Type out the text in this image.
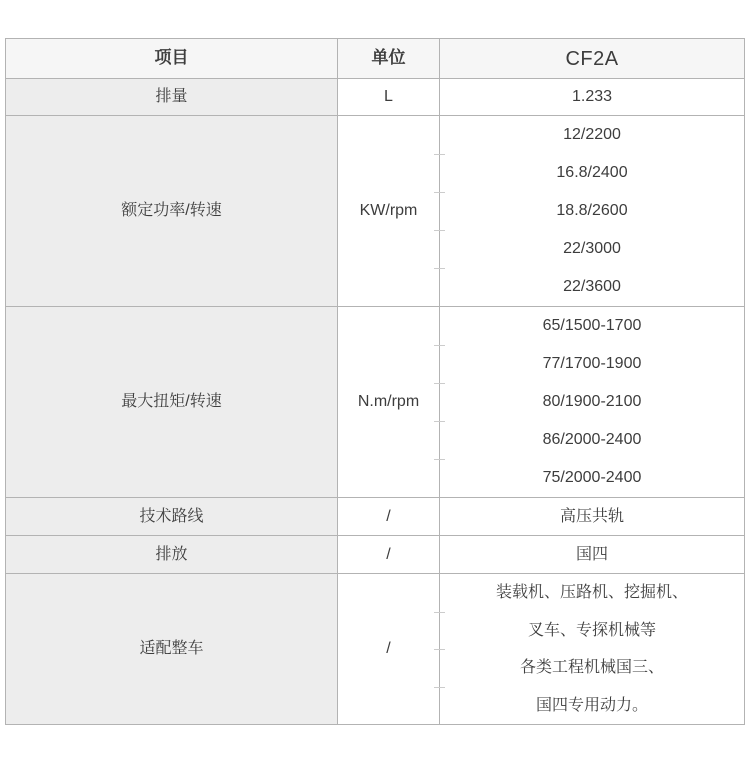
项目	单位	CF2A
排量	L	1.233
额定功率/转速	KW/rpm	12/2200
16.8/2400
18.8/2600
22/3000
22/3600

最大扭矩/转速	N.m/rpm	65/1500-1700
77/1700-1900
80/1900-2100
86/2000-2400
75/2000-2400

技术路线	/	高压共轨
排放	/	国四
适配整车	/	装载机、压路机、挖掘机、
叉车、专探机械等
各类工程机械国三、
国四专用动力。
